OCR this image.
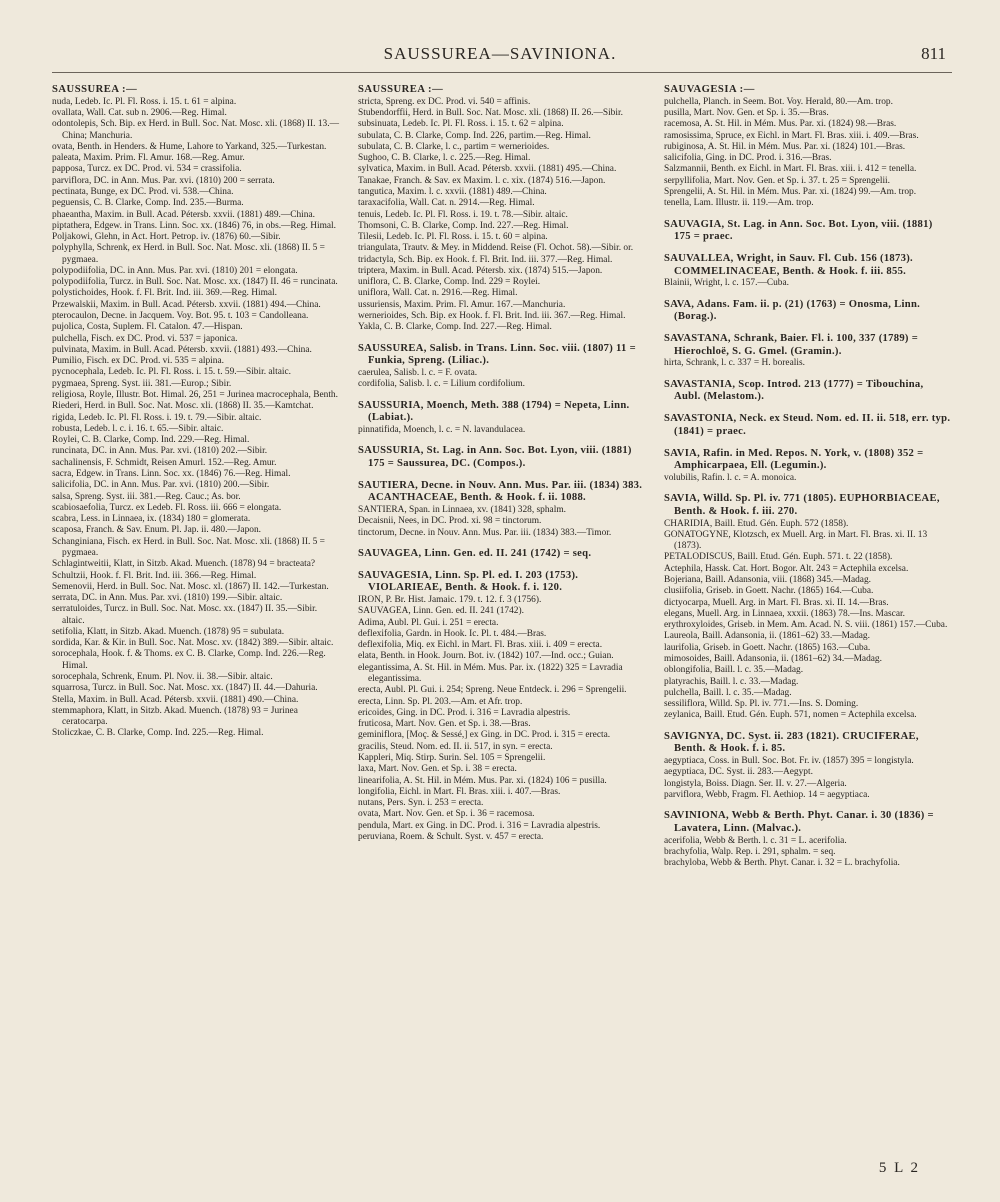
SAUSSUREA—SAVINIONA.	811

SAUSSUREA :—

nuda, Ledeb. Ic. Pl. Fl. Ross. i. 15. t. 61 = alpina.

ovallata, Wall. Cat. sub n. 2906.—Reg. Himal.

odontolepis, Sch. Bip. ex Herd. in Bull. Soc. Nat. Mosc. xli. (1868) II. 13.—China; Manchuria.

ovata, Benth. in Henders. & Hume, Lahore to Yarkand, 325.—Turkestan.

paleata, Maxim. Prim. Fl. Amur. 168.—Reg. Amur.

papposa, Turcz. ex DC. Prod. vi. 534 = crassifolia.

parviflora, DC. in Ann. Mus. Par. xvi. (1810) 200 = serrata.

pectinata, Bunge, ex DC. Prod. vi. 538.—China.

peguensis, C. B. Clarke, Comp. Ind. 235.—Burma.

phaeantha, Maxim. in Bull. Acad. Pétersb. xxvii. (1881) 489.—China.

piptathera, Edgew. in Trans. Linn. Soc. xx. (1846) 76, in obs.—Reg. Himal.

Poljakowi, Glehn, in Act. Hort. Petrop. iv. (1876) 60.—Sibir.

polyphylla, Schrenk, ex Herd. in Bull. Soc. Nat. Mosc. xli. (1868) II. 5 = pygmaea.

polypodiifolia, DC. in Ann. Mus. Par. xvi. (1810) 201 = elongata.

polypodiifolia, Turcz. in Bull. Soc. Nat. Mosc. xx. (1847) II. 46 = runcinata.

polystichoides, Hook. f. Fl. Brit. Ind. iii. 369.—Reg. Himal.

Przewalskii, Maxim. in Bull. Acad. Pétersb. xxvii. (1881) 494.—China.

pterocaulon, Decne. in Jacquem. Voy. Bot. 95. t. 103 = Candolleana.

pujolica, Costa, Suplem. Fl. Catalon. 47.—Hispan.

pulchella, Fisch. ex DC. Prod. vi. 537 = japonica.

pulvinata, Maxim. in Bull. Acad. Pétersb. xxvii. (1881) 493.—China.

Pumilio, Fisch. ex DC. Prod. vi. 535 = alpina.

pycnocephala, Ledeb. Ic. Pl. Fl. Ross. i. 15. t. 59.—Sibir. altaic.

pygmaea, Spreng. Syst. iii. 381.—Europ.; Sibir.

religiosa, Royle, Illustr. Bot. Himal. 26, 251 = Jurinea macrocephala, Benth.

Riederi, Herd. in Bull. Soc. Nat. Mosc. xli. (1868) II. 35.—Kamtchat.

rigida, Ledeb. Ic. Pl. Fl. Ross. i. 19. t. 79.—Sibir. altaic.

robusta, Ledeb. l. c. i. 16. t. 65.—Sibir. altaic.

Roylei, C. B. Clarke, Comp. Ind. 229.—Reg. Himal.

runcinata, DC. in Ann. Mus. Par. xvi. (1810) 202.—Sibir.

sachalinensis, F. Schmidt, Reisen Amurl. 152.—Reg. Amur.

sacra, Edgew. in Trans. Linn. Soc. xx. (1846) 76.—Reg. Himal.

salicifolia, DC. in Ann. Mus. Par. xvi. (1810) 200.—Sibir.

salsa, Spreng. Syst. iii. 381.—Reg. Cauc.; As. bor.

scabiosaefolia, Turcz. ex Ledeb. Fl. Ross. iii. 666 = elongata.

scabra, Less. in Linnaea, ix. (1834) 180 = glomerata.

scaposa, Franch. & Sav. Enum. Pl. Jap. ii. 480.—Japon.

Schanginiana, Fisch. ex Herd. in Bull. Soc. Nat. Mosc. xli. (1868) II. 5 = pygmaea.

Schlagintweitii, Klatt, in Sitzb. Akad. Muench. (1878) 94 = bracteata?

Schultzii, Hook. f. Fl. Brit. Ind. iii. 366.—Reg. Himal.

Semenovii, Herd. in Bull. Soc. Nat. Mosc. xl. (1867) II. 142.—Turkestan.

serrata, DC. in Ann. Mus. Par. xvi. (1810) 199.—Sibir. altaic.

serratuloides, Turcz. in Bull. Soc. Nat. Mosc. xx. (1847) II. 35.—Sibir. altaic.

setifolia, Klatt, in Sitzb. Akad. Muench. (1878) 95 = subulata.

sordida, Kar. & Kir. in Bull. Soc. Nat. Mosc. xv. (1842) 389.—Sibir. altaic.

sorocephala, Hook. f. & Thoms. ex C. B. Clarke, Comp. Ind. 226.—Reg. Himal.

sorocephala, Schrenk, Enum. Pl. Nov. ii. 38.—Sibir. altaic.

squarrosa, Turcz. in Bull. Soc. Nat. Mosc. xx. (1847) II. 44.—Dahuria.

Stella, Maxim. in Bull. Acad. Pétersb. xxvii. (1881) 490.—China.

stemmaphora, Klatt, in Sitzb. Akad. Muench. (1878) 93 = Jurinea ceratocarpa.

Stoliczkae, C. B. Clarke, Comp. Ind. 225.—Reg. Himal.

SAUSSUREA :—

stricta, Spreng. ex DC. Prod. vi. 540 = affinis.

Stubendorffii, Herd. in Bull. Soc. Nat. Mosc. xli. (1868) II. 26.—Sibir.

subsinuata, Ledeb. Ic. Pl. Fl. Ross. i. 15. t. 62 = alpina.

subulata, C. B. Clarke, Comp. Ind. 226, partim.—Reg. Himal.

subulata, C. B. Clarke, l. c., partim = wernerioides.

Sughoo, C. B. Clarke, l. c. 225.—Reg. Himal.

sylvatica, Maxim. in Bull. Acad. Pétersb. xxvii. (1881) 495.—China.

Tanakae, Franch. & Sav. ex Maxim. l. c. xix. (1874) 516.—Japon.

tangutica, Maxim. l. c. xxvii. (1881) 489.—China.

taraxacifolia, Wall. Cat. n. 2914.—Reg. Himal.

tenuis, Ledeb. Ic. Pl. Fl. Ross. i. 19. t. 78.—Sibir. altaic.

Thomsoni, C. B. Clarke, Comp. Ind. 227.—Reg. Himal.

Tilesii, Ledeb. Ic. Pl. Fl. Ross. i. 15. t. 60 = alpina.

triangulata, Trautv. & Mey. in Middend. Reise (Fl. Ochot. 58).—Sibir. or.

tridactyla, Sch. Bip. ex Hook. f. Fl. Brit. Ind. iii. 377.—Reg. Himal.

triptera, Maxim. in Bull. Acad. Pétersb. xix. (1874) 515.—Japon.

uniflora, C. B. Clarke, Comp. Ind. 229 = Roylei.

uniflora, Wall. Cat. n. 2916.—Reg. Himal.

ussuriensis, Maxim. Prim. Fl. Amur. 167.—Manchuria.

wernerioides, Sch. Bip. ex Hook. f. Fl. Brit. Ind. iii. 367.—Reg. Himal.

Yakla, C. B. Clarke, Comp. Ind. 227.—Reg. Himal.

SAUSSUREA, Salisb. in Trans. Linn. Soc. viii. (1807) 11 = Funkia, Spreng. (Liliac.).

caerulea, Salisb. l. c. = F. ovata.

cordifolia, Salisb. l. c. = Lilium cordifolium.

SAUSSURIA, Moench, Meth. 388 (1794) = Nepeta, Linn. (Labiat.).

pinnatifida, Moench, l. c. = N. lavandulacea.

SAUSSURIA, St. Lag. in Ann. Soc. Bot. Lyon, viii. (1881) 175 = Saussurea, DC. (Compos.).

SAUTIERA, Decne. in Nouv. Ann. Mus. Par. iii. (1834) 383. ACANTHACEAE, Benth. & Hook. f. ii. 1088.

SANTIERA, Span. in Linnaea, xv. (1841) 328, sphalm.

Decaisnii, Nees, in DC. Prod. xi. 98 = tinctorum.

tinctorum, Decne. in Nouv. Ann. Mus. Par. iii. (1834) 383.—Timor.

SAUVAGEA, Linn. Gen. ed. II. 241 (1742) = seq.

SAUVAGESIA, Linn. Sp. Pl. ed. I. 203 (1753). VIOLARIEAE, Benth. & Hook. f. i. 120.

IRON, P. Br. Hist. Jamaic. 179. t. 12. f. 3 (1756).

SAUVAGEA, Linn. Gen. ed. II. 241 (1742).

Adima, Aubl. Pl. Gui. i. 251 = erecta.

deflexifolia, Gardn. in Hook. Ic. Pl. t. 484.—Bras.

deflexifolia, Miq. ex Eichl. in Mart. Fl. Bras. xiii. i. 409 = erecta.

elata, Benth. in Hook. Journ. Bot. iv. (1842) 107.—Ind. occ.; Guian.

elegantissima, A. St. Hil. in Mém. Mus. Par. ix. (1822) 325 = Lavradia elegantissima.

erecta, Aubl. Pl. Gui. i. 254; Spreng. Neue Entdeck. i. 296 = Sprengelii.

erecta, Linn. Sp. Pl. 203.—Am. et Afr. trop.

ericoides, Ging. in DC. Prod. i. 316 = Lavradia alpestris.

fruticosa, Mart. Nov. Gen. et Sp. i. 38.—Bras.

geminiflora, [Moç. & Sessé,] ex Ging. in DC. Prod. i. 315 = erecta.

gracilis, Steud. Nom. ed. II. ii. 517, in syn. = erecta.

Kappleri, Miq. Stirp. Surin. Sel. 105 = Sprengelii.

laxa, Mart. Nov. Gen. et Sp. i. 38 = erecta.

linearifolia, A. St. Hil. in Mém. Mus. Par. xi. (1824) 106 = pusilla.

longifolia, Eichl. in Mart. Fl. Bras. xiii. i. 407.—Bras.

nutans, Pers. Syn. i. 253 = erecta.

ovata, Mart. Nov. Gen. et Sp. i. 36 = racemosa.

pendula, Mart. ex Ging. in DC. Prod. i. 316 = Lavradia alpestris.

peruviana, Roem. & Schult. Syst. v. 457 = erecta.

SAUVAGESIA :—

pulchella, Planch. in Seem. Bot. Voy. Herald, 80.—Am. trop.

pusilla, Mart. Nov. Gen. et Sp. i. 35.—Bras.

racemosa, A. St. Hil. in Mém. Mus. Par. xi. (1824) 98.—Bras.

ramosissima, Spruce, ex Eichl. in Mart. Fl. Bras. xiii. i. 409.—Bras.

rubiginosa, A. St. Hil. in Mém. Mus. Par. xi. (1824) 101.—Bras.

salicifolia, Ging. in DC. Prod. i. 316.—Bras.

Salzmannii, Benth. ex Eichl. in Mart. Fl. Bras. xiii. i. 412 = tenella.

serpyllifolia, Mart. Nov. Gen. et Sp. i. 37. t. 25 = Sprengelii.

Sprengelii, A. St. Hil. in Mém. Mus. Par. xi. (1824) 99.—Am. trop.

tenella, Lam. Illustr. ii. 119.—Am. trop.

SAUVAGIA, St. Lag. in Ann. Soc. Bot. Lyon, viii. (1881) 175 = praec.

SAUVALLEA, Wright, in Sauv. Fl. Cub. 156 (1873). COMMELINACEAE, Benth. & Hook. f. iii. 855.

Blainii, Wright, l. c. 157.—Cuba.

SAVA, Adans. Fam. ii. p. (21) (1763) = Onosma, Linn. (Borag.).

SAVASTANA, Schrank, Baier. Fl. i. 100, 337 (1789) = Hierochloë, S. G. Gmel. (Gramin.).

hirta, Schrank, l. c. 337 = H. borealis.

SAVASTANIA, Scop. Introd. 213 (1777) = Tibouchina, Aubl. (Melastom.).

SAVASTONIA, Neck. ex Steud. Nom. ed. II. ii. 518, err. typ. (1841) = praec.

SAVIA, Rafin. in Med. Repos. N. York, v. (1808) 352 = Amphicarpaea, Ell. (Legumin.).

volubilis, Rafin. l. c. = A. monoica.

SAVIA, Willd. Sp. Pl. iv. 771 (1805). EUPHORBIACEAE, Benth. & Hook. f. iii. 270.

CHARIDIA, Baill. Etud. Gén. Euph. 572 (1858).

GONATOGYNE, Klotzsch, ex Muell. Arg. in Mart. Fl. Bras. xi. II. 13 (1873).

PETALODISCUS, Baill. Etud. Gén. Euph. 571. t. 22 (1858).

Actephila, Hassk. Cat. Hort. Bogor. Alt. 243 = Actephila excelsa.

Bojeriana, Baill. Adansonia, viii. (1868) 345.—Madag.

clusiifolia, Griseb. in Goett. Nachr. (1865) 164.—Cuba.

dictyocarpa, Muell. Arg. in Mart. Fl. Bras. xi. II. 14.—Bras.

elegans, Muell. Arg. in Linnaea, xxxii. (1863) 78.—Ins. Mascar.

erythroxyloides, Griseb. in Mem. Am. Acad. N. S. viii. (1861) 157.—Cuba.

Laureola, Baill. Adansonia, ii. (1861–62) 33.—Madag.

laurifolia, Griseb. in Goett. Nachr. (1865) 163.—Cuba.

mimosoides, Baill. Adansonia, ii. (1861–62) 34.—Madag.

oblongifolia, Baill. l. c. 35.—Madag.

platyrachis, Baill. l. c. 33.—Madag.

pulchella, Baill. l. c. 35.—Madag.

sessiliflora, Willd. Sp. Pl. iv. 771.—Ins. S. Doming.

zeylanica, Baill. Etud. Gén. Euph. 571, nomen = Actephila excelsa.

SAVIGNYA, DC. Syst. ii. 283 (1821). CRUCIFERAE, Benth. & Hook. f. i. 85.

aegyptiaca, Coss. in Bull. Soc. Bot. Fr. iv. (1857) 395 = longistyla.

aegyptiaca, DC. Syst. ii. 283.—Aegypt.

longistyla, Boiss. Diagn. Ser. II. v. 27.—Algeria.

parviflora, Webb, Fragm. Fl. Aethiop. 14 = aegyptiaca.

SAVINIONA, Webb & Berth. Phyt. Canar. i. 30 (1836) = Lavatera, Linn. (Malvac.).

acerifolia, Webb & Berth. l. c. 31 = L. acerifolia.

brachyfolia, Walp. Rep. i. 291, sphalm. = seq.

brachyloba, Webb & Berth. Phyt. Canar. i. 32 = L. brachyfolia.

5 L 2
